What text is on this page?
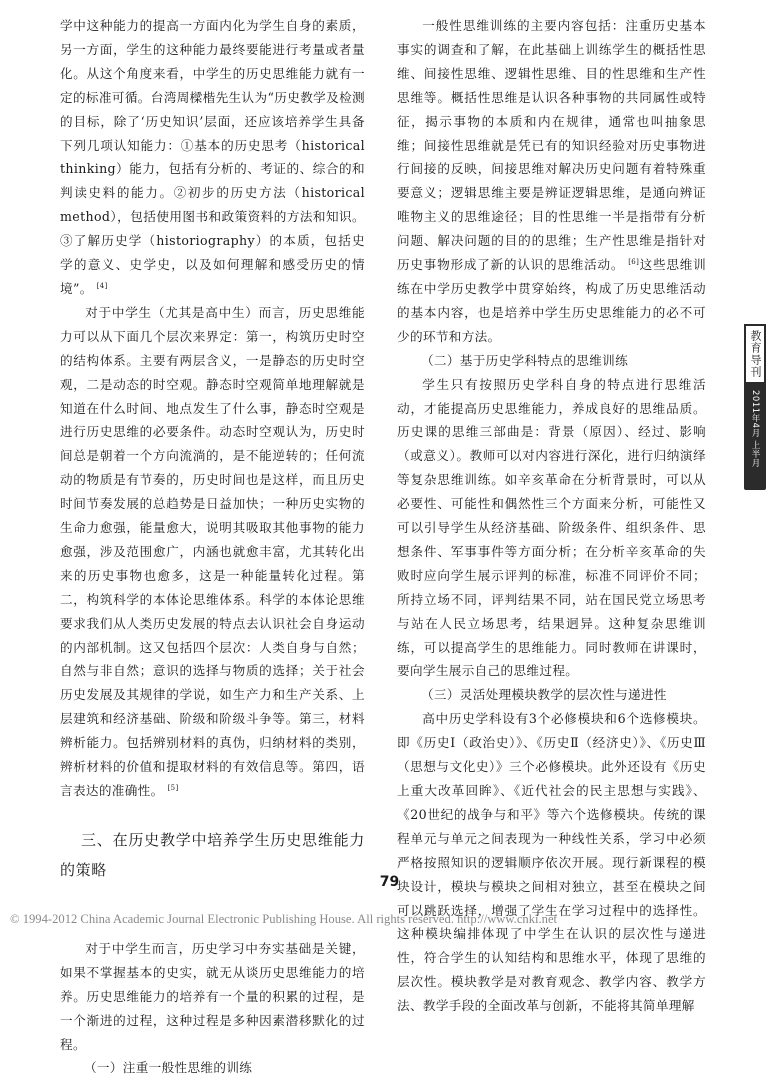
学中这种能力的提高一方面内化为学生自身的素质，另一方面，学生的这种能力最终要能进行考量或者量化。从这个角度来看，中学生的历史思维能力就有一定的标准可循。台湾周樑楷先生认为“历史教学及检测的目标，除了‘历史知识’层面，还应该培养学生具备下列几项认知能力：①基本的历史思考（historical thinking）能力，包括有分析的、考证的、综合的和判读史料的能力。②初步的历史方法（historical method），包括使用图书和政策资料的方法和知识。③了解历史学（historiography）的本质，包括史学的意义、史学史，以及如何理解和感受历史的情境”。 [4]

对于中学生（尤其是高中生）而言，历史思维能力可以从下面几个层次来界定：第一，构筑历史时空的结构体系。主要有两层含义，一是静态的历史时空观，二是动态的时空观。静态时空观简单地理解就是知道在什么时间、地点发生了什么事，静态时空观是进行历史思维的必要条件。动态时空观认为，历史时间总是朝着一个方向流淌的，是不能逆转的；任何流动的物质是有节奏的，历史时间也是这样，而且历史时间节奏发展的总趋势是日益加快；一种历史实物的生命力愈强，能量愈大，说明其吸取其他事物的能力愈强，涉及范围愈广，内涵也就愈丰富，尤其转化出来的历史事物也愈多，这是一种能量转化过程。第二，构筑科学的本体论思维体系。科学的本体论思维要求我们从人类历史发展的特点去认识社会自身运动的内部机制。这又包括四个层次：人类自身与自然；自然与非自然；意识的选择与物质的选择；关于社会历史发展及其规律的学说，如生产力和生产关系、上层建筑和经济基础、阶级和阶级斗争等。第三，材料辨析能力。包括辨别材料的真伪，归纳材料的类别，辨析材料的价值和提取材料的有效信息等。第四，语言表达的准确性。 [5]

三、在历史教学中培养学生历史思维能力的策略

对于中学生而言，历史学习中夯实基础是关键，如果不掌握基本的史实，就无从谈历史思维能力的培养。历史思维能力的培养有一个量的积累的过程，是一个渐进的过程，这种过程是多种因素潜移默化的过程。

（一）注重一般性思维的训练

一般性思维训练的主要内容包括：注重历史基本事实的调查和了解，在此基础上训练学生的概括性思维、间接性思维、逻辑性思维、目的性思维和生产性思维等。概括性思维是认识各种事物的共同属性或特征，揭示事物的本质和内在规律，通常也叫抽象思维；间接性思维就是凭已有的知识经验对历史事物进行间接的反映，间接思维对解决历史问题有着特殊重要意义；逻辑思维主要是辨证逻辑思维，是通向辨证唯物主义的思维途径；目的性思维一半是指带有分析问题、解决问题的目的的思维；生产性思维是指针对历史事物形成了新的认识的思维活动。 [6]这些思维训练在中学历史教学中贯穿始终，构成了历史思维活动的基本内容，也是培养中学生历史思维能力的必不可少的环节和方法。

（二）基于历史学科特点的思维训练

学生只有按照历史学科自身的特点进行思维活动，才能提高历史思维能力，养成良好的思维品质。历史课的思维三部曲是：背景（原因）、经过、影响（或意义）。教师可以对内容进行深化，进行归纳演绎等复杂思维训练。如辛亥革命在分析背景时，可以从必要性、可能性和偶然性三个方面来分析，可能性又可以引导学生从经济基础、阶级条件、组织条件、思想条件、军事事件等方面分析；在分析辛亥革命的失败时应向学生展示评判的标准，标准不同评价不同；所持立场不同，评判结果不同，站在国民党立场思考与站在人民立场思考，结果迥异。这种复杂思维训练，可以提高学生的思维能力。同时教师在讲课时，要向学生展示自己的思维过程。

（三）灵活处理模块教学的层次性与递进性

高中历史学科设有3个必修模块和6个选修模块。即《历史Ⅰ（政治史）》、《历史Ⅱ（经济史）》、《历史Ⅲ（思想与文化史）》三个必修模块。此外还设有《历史上重大改革回眸》、《近代社会的民主思想与实践》、《20世纪的战争与和平》等六个选修模块。传统的课程单元与单元之间表现为一种线性关系，学习中必须严格按照知识的逻辑顺序依次开展。现行新课程的模块设计，模块与模块之间相对独立，甚至在模块之间可以跳跃选择，增强了学生在学习过程中的选择性。这种模块编排体现了中学生在认识的层次性与递进性，符合学生的认知结构和思维水平，体现了思维的层次性。模块教学是对教育观念、教学内容、教学方法、教学手段的全面改革与创新，不能将其简单理解

教育导刊
2011年4月 上半月
79
© 1994-2012 China Academic Journal Electronic Publishing House. All rights reserved. http://www.cnki.net
